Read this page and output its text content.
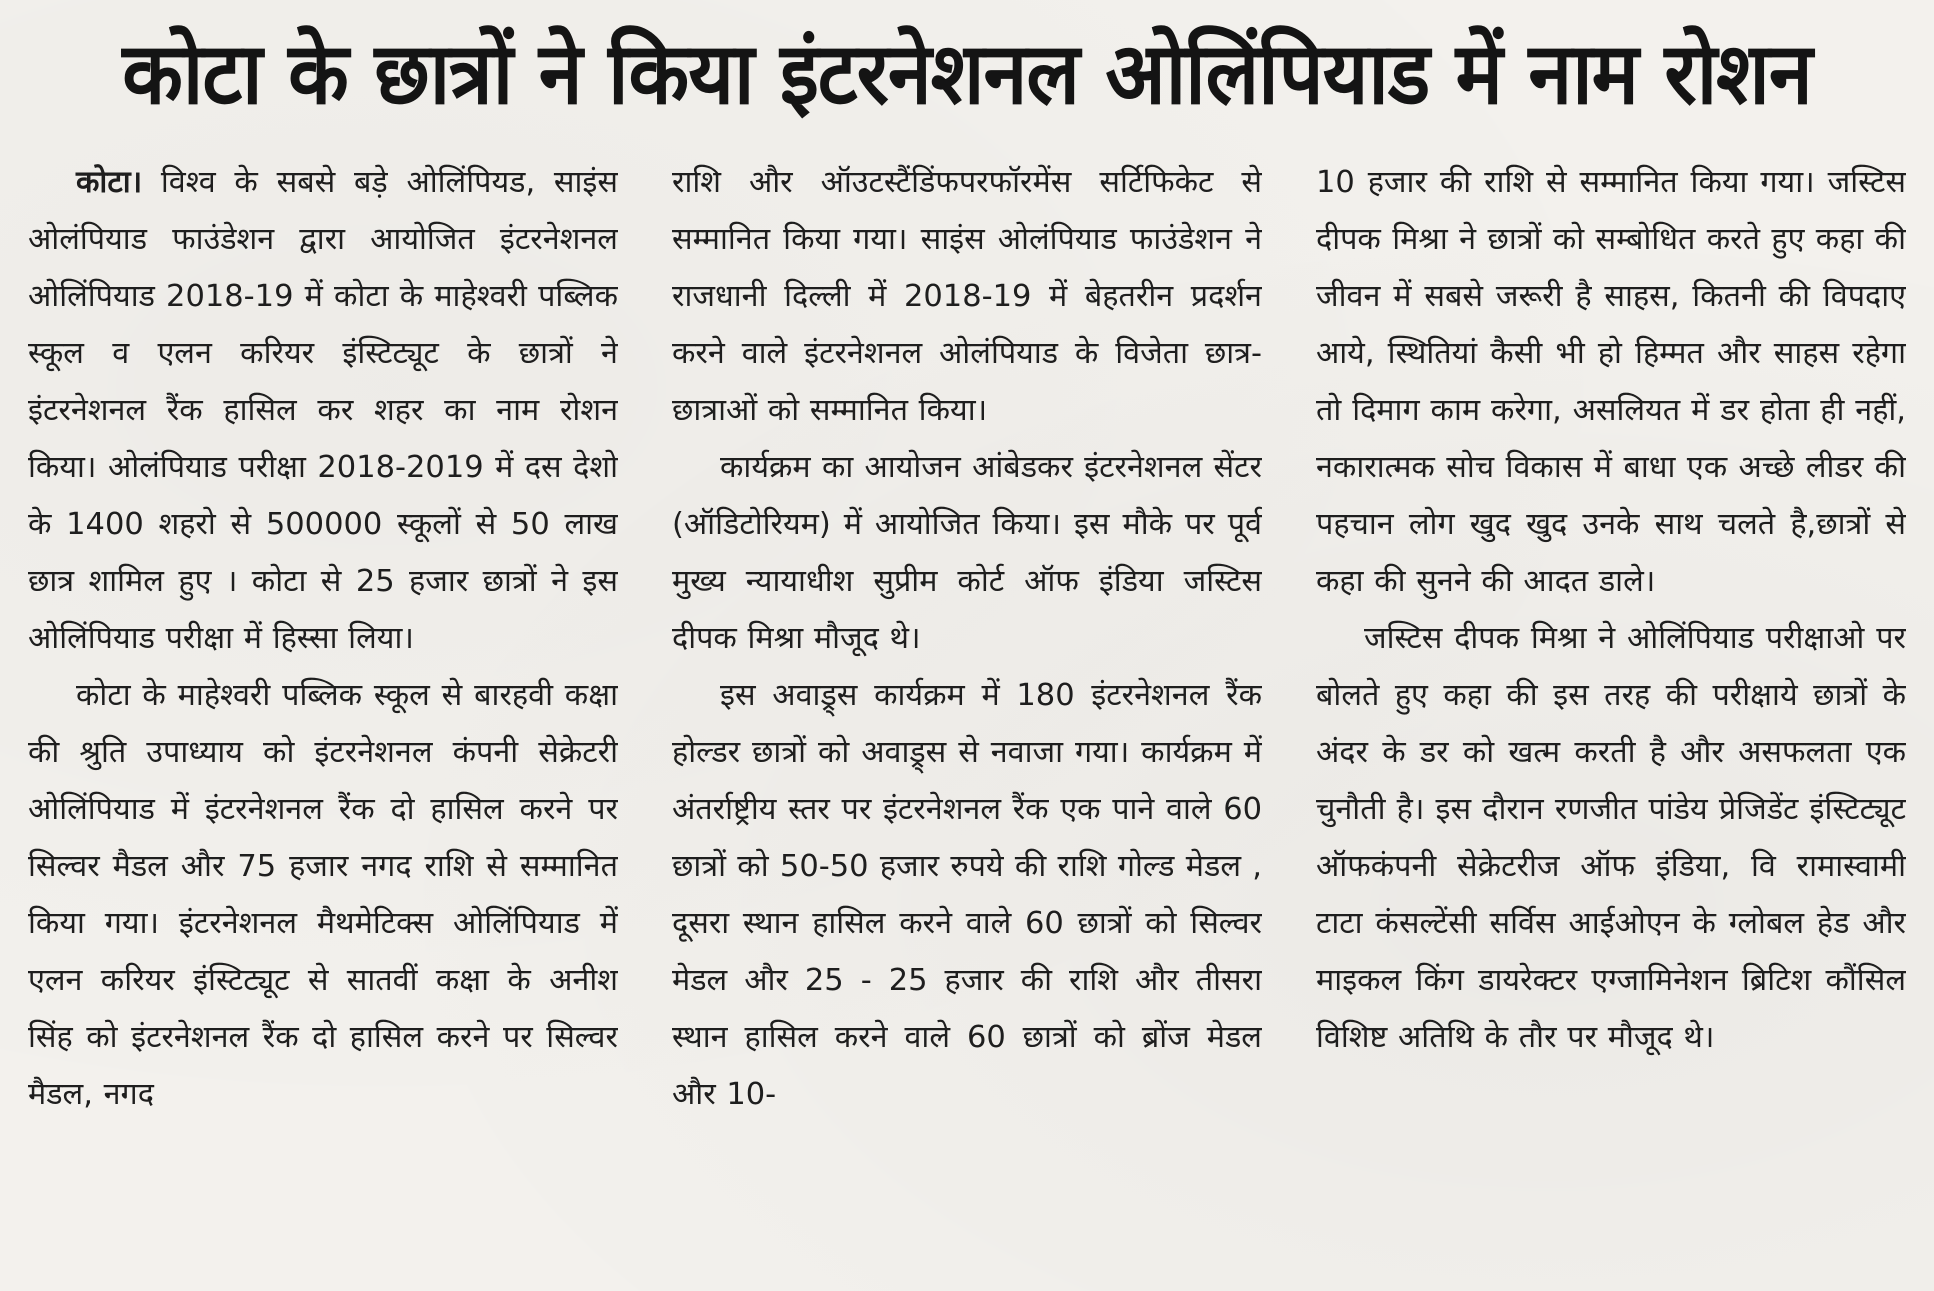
कोटा के छात्रों ने किया इंटरनेशनल ओलिंपियाड में नाम रोशन

कोटा। विश्व के सबसे बड़े ओलिंपियड, साइंस ओलंपियाड फाउंडेशन द्वारा आयोजित इंटरनेशनल ओलिंपियाड 2018-19 में कोटा के माहेश्वरी पब्लिक स्कूल व एलन करियर इंस्टिट्यूट के छात्रों ने इंटरनेशनल रैंक हासिल कर शहर का नाम रोशन किया। ओलंपियाड परीक्षा 2018-2019 में दस देशो के 1400 शहरो से 500000 स्कूलों से 50 लाख छात्र शामिल हुए । कोटा से 25 हजार छात्रों ने इस ओलिंपियाड परीक्षा में हिस्सा लिया।

कोटा के माहेश्वरी पब्लिक स्कूल से बारहवी कक्षा की श्रुति उपाध्याय को इंटरनेशनल कंपनी सेक्रेटरी ओलिंपियाड में इंटरनेशनल रैंक दो हासिल करने पर सिल्वर मैडल और 75 हजार नगद राशि से सम्मानित किया गया। इंटरनेशनल मैथमेटिक्स ओलिंपियाड में एलन करियर इंस्टिट्यूट से सातवीं कक्षा के अनीश सिंह को इंटरनेशनल रैंक दो हासिल करने पर सिल्वर मैडल, नगद

राशि और ऑउटस्टैंडिंफपरफॉरमेंस सर्टिफिकेट से सम्मानित किया गया। साइंस ओलंपियाड फाउंडेशन ने राजधानी दिल्ली में 2018-19 में बेहतरीन प्रदर्शन करने वाले इंटरनेशनल ओलंपियाड के विजेता छात्र-छात्राओं को सम्मानित किया।

कार्यक्रम का आयोजन आंबेडकर इंटरनेशनल सेंटर (ऑडिटोरियम) में आयोजित किया। इस मौके पर पूर्व मुख्य न्यायाधीश सुप्रीम कोर्ट ऑफ इंडिया जस्टिस दीपक मिश्रा मौजूद थे।

इस अवाड्र्स कार्यक्रम में 180 इंटरनेशनल रैंक होल्डर छात्रों को अवाड्र्स से नवाजा गया। कार्यक्रम में अंतर्राष्ट्रीय स्तर पर इंटरनेशनल रैंक एक पाने वाले 60 छात्रों को 50-50 हजार रुपये की राशि गोल्ड मेडल , दूसरा स्थान हासिल करने वाले 60 छात्रों को सिल्वर मेडल और 25 - 25 हजार की राशि और तीसरा स्थान हासिल करने वाले 60 छात्रों को ब्रोंज मेडल और 10-

10 हजार की राशि से सम्मानित किया गया। जस्टिस दीपक मिश्रा ने छात्रों को सम्बोधित करते हुए कहा की जीवन में सबसे जरूरी है साहस, कितनी की विपदाए आये, स्थितियां कैसी भी हो हिम्मत और साहस रहेगा तो दिमाग काम करेगा, असलियत में डर होता ही नहीं, नकारात्मक सोच विकास में बाधा एक अच्छे लीडर की पहचान लोग खुद खुद उनके साथ चलते है,छात्रों से कहा की सुनने की आदत डाले।

जस्टिस दीपक मिश्रा ने ओलिंपियाड परीक्षाओ पर बोलते हुए कहा की इस तरह की परीक्षाये छात्रों के अंदर के डर को खत्म करती है और असफलता एक चुनौती है। इस दौरान रणजीत पांडेय प्रेजिडेंट इंस्टिट्यूट ऑफकंपनी सेक्रेटरीज ऑफ इंडिया, वि रामास्वामी टाटा कंसल्टेंसी सर्विस आईओएन के ग्लोबल हेड और माइकल किंग डायरेक्टर एग्जामिनेशन ब्रिटिश कौंसिल विशिष्ट अतिथि के तौर पर मौजूद थे।
